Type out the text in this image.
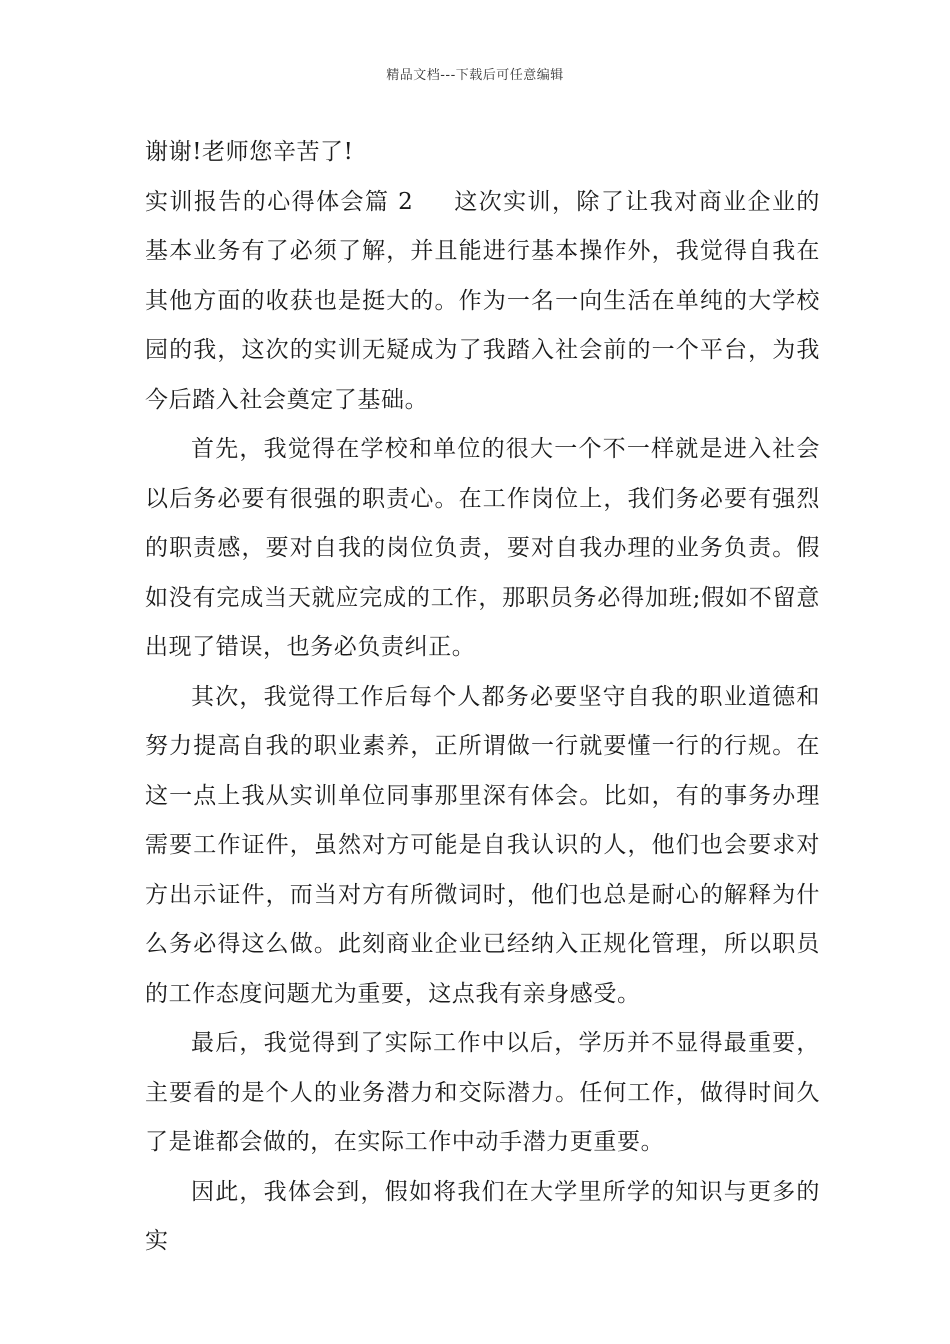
精品文档---下载后可任意编辑

谢谢!老师您辛苦了!

实训报告的心得体会篇 2 这次实训，除了让我对商业企业的基本业务有了必须了解，并且能进行基本操作外，我觉得自我在其他方面的收获也是挺大的。作为一名一向生活在单纯的大学校园的我，这次的实训无疑成为了我踏入社会前的一个平台，为我今后踏入社会奠定了基础。

首先，我觉得在学校和单位的很大一个不一样就是进入社会以后务必要有很强的职责心。在工作岗位上，我们务必要有强烈的职责感，要对自我的岗位负责，要对自我办理的业务负责。假如没有完成当天就应完成的工作，那职员务必得加班;假如不留意出现了错误，也务必负责纠正。

其次，我觉得工作后每个人都务必要坚守自我的职业道德和努力提高自我的职业素养，正所谓做一行就要懂一行的行规。在这一点上我从实训单位同事那里深有体会。比如，有的事务办理需要工作证件，虽然对方可能是自我认识的人，他们也会要求对方出示证件，而当对方有所微词时，他们也总是耐心的解释为什么务必得这么做。此刻商业企业已经纳入正规化管理，所以职员的工作态度问题尤为重要，这点我有亲身感受。

最后，我觉得到了实际工作中以后，学历并不显得最重要，主要看的是个人的业务潜力和交际潜力。任何工作，做得时间久了是谁都会做的，在实际工作中动手潜力更重要。

因此，我体会到，假如将我们在大学里所学的知识与更多的实
